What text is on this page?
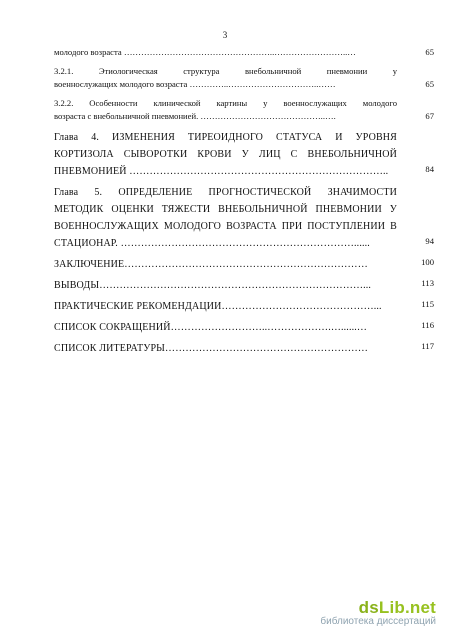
3
молодого возраста ……………………………………………..……………………..…	65
3.2.1. Этиологическая структура внебольничной пневмонии у
военнослужащих молодого возраста …………..…………………………..……	65
3.2.2. Особенности клинической картины у военнослужащих молодого
возраста с внебольничной пневмонией. ……………………………………..….	67
Глава 4. ИЗМЕНЕНИЯ ТИРЕОИДНОГО СТАТУСА И УРОВНЯ
КОРТИЗОЛА СЫВОРОТКИ КРОВИ У ЛИЦ С ВНЕБОЛЬНИЧНОЙ
ПНЕВМОНИЕЙ …………………………………………………………………..	84
Глава 5. ОПРЕДЕЛЕНИЕ ПРОГНОСТИЧЕСКОЙ ЗНАЧИМОСТИ
МЕТОДИК ОЦЕНКИ ТЯЖЕСТИ ВНЕБОЛЬНИЧНОЙ ПНЕВМОНИИ У
ВОЕННОСЛУЖАЩИХ МОЛОДОГО ВОЗРАСТА ПРИ ПОСТУПЛЕНИИ В
СТАЦИОНАР. ……………………………………………………………......	94
ЗАКЛЮЧЕНИЕ………………………………………………………………	100
ВЫВОДЫ……………………………………………………………………...	113
ПРАКТИЧЕСКИЕ РЕКОМЕНДАЦИИ………………………………………...	115
СПИСОК СОКРАЩЕНИЙ………………………..……………….…......…	116
СПИСОК ЛИТЕРАТУРЫ……………………………………………………	117
dsLib.net
библиотека диссертаций
